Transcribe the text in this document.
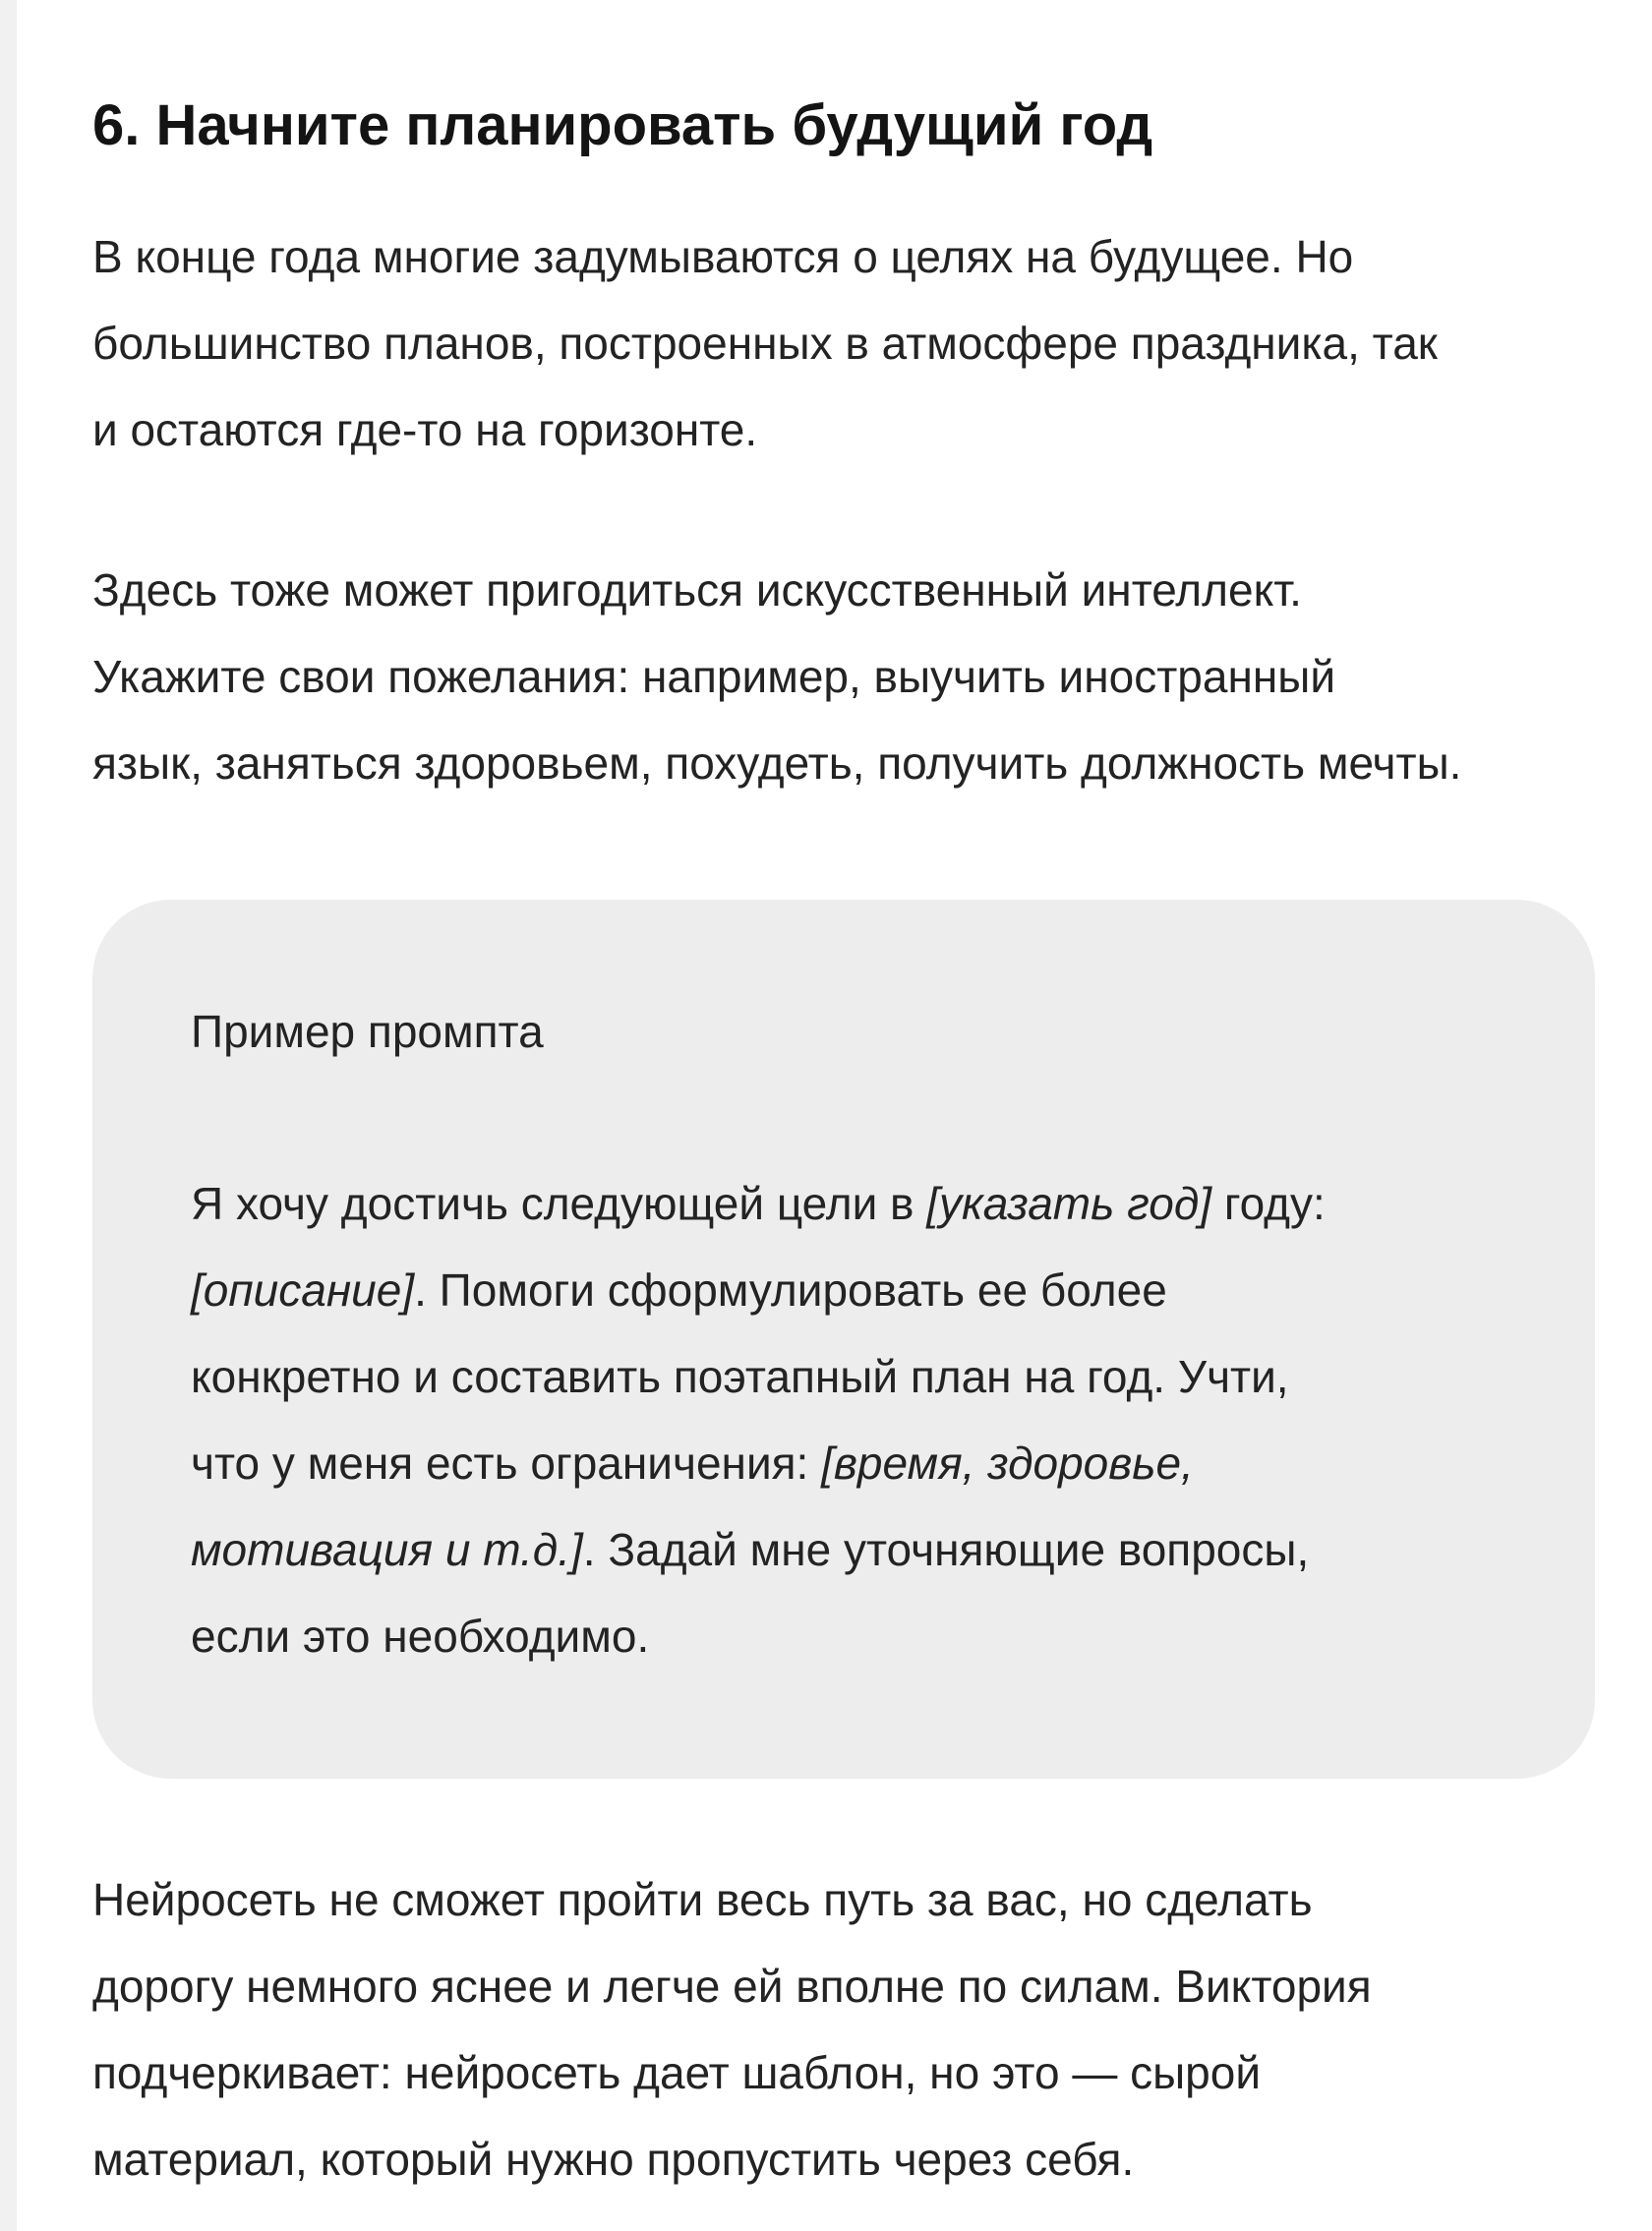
6. Начните планировать будущий год

В конце года многие задумываются о целях на будущее. Но
большинство планов, построенных в атмосфере праздника, так
и остаются где-то на горизонте.

Здесь тоже может пригодиться искусственный интеллект.
Укажите свои пожелания: например, выучить иностранный
язык, заняться здоровьем, похудеть, получить должность мечты.

Пример промпта

Я хочу достичь следующей цели в [указать год] году:
[описание]. Помоги сформулировать ее более
конкретно и составить поэтапный план на год. Учти,
что у меня есть ограничения: [время, здоровье,
мотивация и т.д.]. Задай мне уточняющие вопросы,
если это необходимо.

Нейросеть не сможет пройти весь путь за вас, но сделать
дорогу немного яснее и легче ей вполне по силам. Виктория
подчеркивает: нейросеть дает шаблон, но это — сырой
материал, который нужно пропустить через себя.
